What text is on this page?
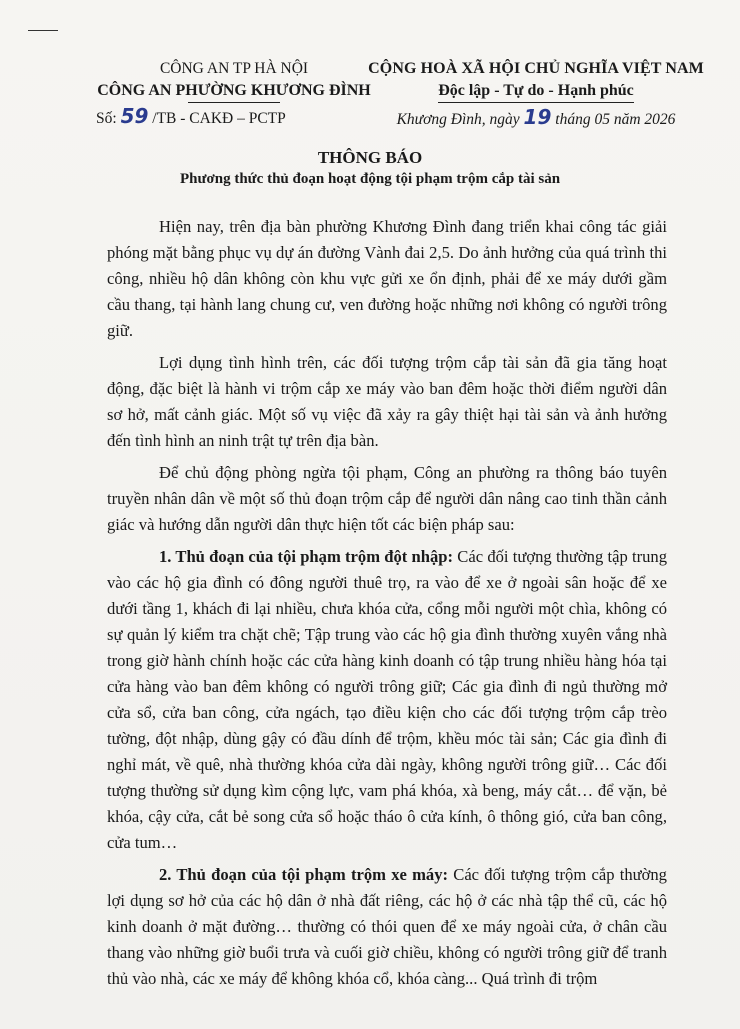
CÔNG AN TP HÀ NỘI
CÔNG AN PHƯỜNG KHƯƠNG ĐÌNH
Số: 59 /TB - CAKĐ – PCTP
CỘNG HOÀ XÃ HỘI CHỦ NGHĨA VIỆT NAM
Độc lập - Tự do - Hạnh phúc
Khương Đình, ngày 19 tháng 05 năm 2026
THÔNG BÁO
Phương thức thủ đoạn hoạt động tội phạm trộm cắp tài sản

Hiện nay, trên địa bàn phường Khương Đình đang triển khai công tác giải phóng mặt bằng phục vụ dự án đường Vành đai 2,5. Do ảnh hưởng của quá trình thi công, nhiều hộ dân không còn khu vực gửi xe ổn định, phải để xe máy dưới gầm cầu thang, tại hành lang chung cư, ven đường hoặc những nơi không có người trông giữ.

Lợi dụng tình hình trên, các đối tượng trộm cắp tài sản đã gia tăng hoạt động, đặc biệt là hành vi trộm cắp xe máy vào ban đêm hoặc thời điểm người dân sơ hở, mất cảnh giác. Một số vụ việc đã xảy ra gây thiệt hại tài sản và ảnh hưởng đến tình hình an ninh trật tự trên địa bàn.

Để chủ động phòng ngừa tội phạm, Công an phường ra thông báo tuyên truyền nhân dân về một số thủ đoạn trộm cắp để người dân nâng cao tinh thần cảnh giác và hướng dẫn người dân thực hiện tốt các biện pháp sau:

1. Thủ đoạn của tội phạm trộm đột nhập: Các đối tượng thường tập trung vào các hộ gia đình có đông người thuê trọ, ra vào để xe ở ngoài sân hoặc để xe dưới tầng 1, khách đi lại nhiều, chưa khóa cửa, cổng mỗi người một chìa, không có sự quản lý kiểm tra chặt chẽ; Tập trung vào các hộ gia đình thường xuyên vắng nhà trong giờ hành chính hoặc các cửa hàng kinh doanh có tập trung nhiều hàng hóa tại cửa hàng vào ban đêm không có người trông giữ; Các gia đình đi ngủ thường mở cửa sổ, cửa ban công, cửa ngách, tạo điều kiện cho các đối tượng trộm cắp trèo tường, đột nhập, dùng gậy có đầu dính để trộm, khều móc tài sản; Các gia đình đi nghỉ mát, về quê, nhà thường khóa cửa dài ngày, không người trông giữ… Các đối tượng thường sử dụng kìm cộng lực, vam phá khóa, xà beng, máy cắt… để vặn, bẻ khóa, cậy cửa, cắt bẻ song cửa sổ hoặc tháo ô cửa kính, ô thông gió, cửa ban công, cửa tum…

2. Thủ đoạn của tội phạm trộm xe máy: Các đối tượng trộm cắp thường lợi dụng sơ hở của các hộ dân ở nhà đất riêng, các hộ ở các nhà tập thể cũ, các hộ kinh doanh ở mặt đường… thường có thói quen để xe máy ngoài cửa, ở chân cầu thang vào những giờ buổi trưa và cuối giờ chiều, không có người trông giữ để tranh thủ vào nhà, các xe máy để không khóa cổ, khóa càng... Quá trình đi trộm
